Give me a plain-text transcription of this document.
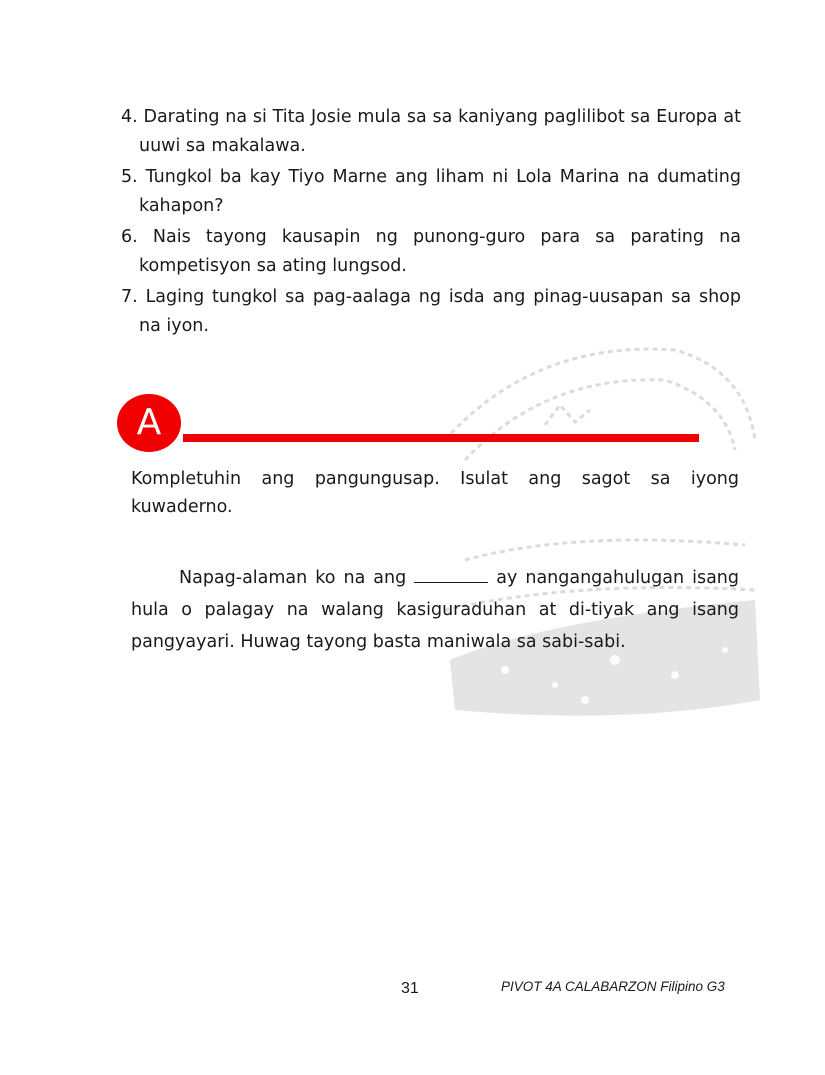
4. Darating na si Tita Josie mula sa sa kaniyang paglilibot sa Europa at uuwi sa makalawa.
5. Tungkol ba kay Tiyo Marne ang liham ni Lola Marina na dumating kahapon?
6. Nais tayong kausapin ng punong-guro para sa parating na kompetisyon sa ating lungsod.
7. Laging tungkol sa pag-aalaga ng isda ang pinag-uusapan sa shop na iyon.
A
Kompletuhin ang pangungusap. Isulat ang sagot sa iyong kuwaderno.
Napag-alaman ko na ang	ay nangangahulugan isang hula o palagay na walang kasiguraduhan at di-tiyak ang isang pangyayari. Huwag tayong basta maniwala sa sabi-sabi.
31	PIVOT 4A CALABARZON Filipino G3
